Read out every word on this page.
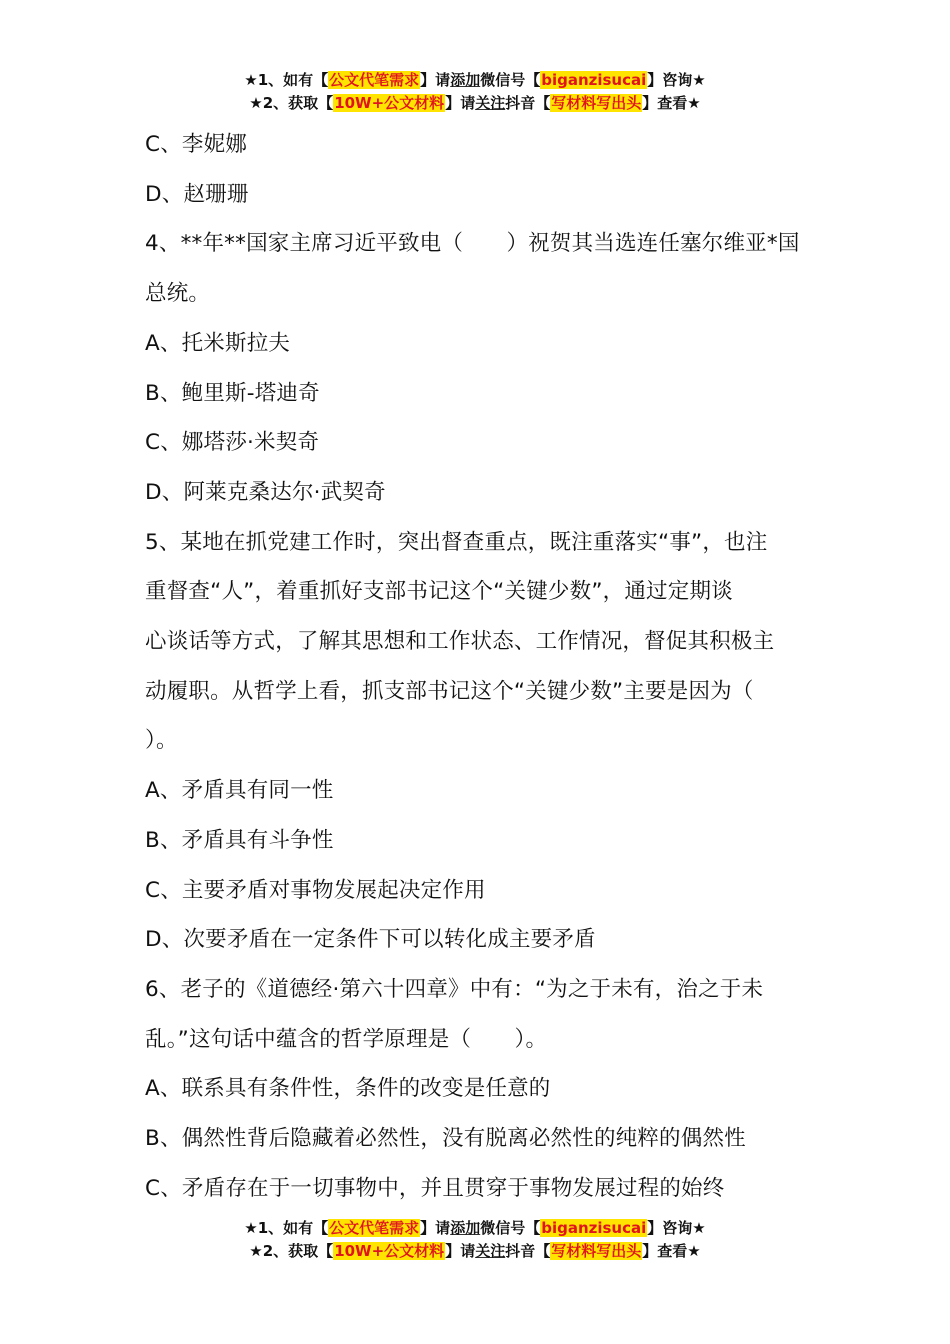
★1、如有【公文代笔需求】请添加微信号【biganzisucai】咨询★
★2、获取【10W+公文材料】请关注抖音【写材料写出头】查看★

C、李妮娜

D、赵珊珊

4、**年**国家主席习近平致电（　　）祝贺其当选连任塞尔维亚*国

总统。

A、托米斯拉夫

B、鲍里斯-塔迪奇

C、娜塔莎·米契奇

D、阿莱克桑达尔·武契奇

5、某地在抓党建工作时，突出督查重点，既注重落实“事”，也注

重督查“人”，着重抓好支部书记这个“关键少数”，通过定期谈

心谈话等方式，了解其思想和工作状态、工作情况，督促其积极主

动履职。从哲学上看，抓支部书记这个“关键少数”主要是因为（

）。

A、矛盾具有同一性

B、矛盾具有斗争性

C、主要矛盾对事物发展起决定作用

D、次要矛盾在一定条件下可以转化成主要矛盾

6、老子的《道德经·第六十四章》中有：“为之于未有，治之于未

乱。”这句话中蕴含的哲学原理是（　　）。

A、联系具有条件性，条件的改变是任意的

B、偶然性背后隐藏着必然性，没有脱离必然性的纯粹的偶然性

C、矛盾存在于一切事物中，并且贯穿于事物发展过程的始终

★1、如有【公文代笔需求】请添加微信号【biganzisucai】咨询★
★2、获取【10W+公文材料】请关注抖音【写材料写出头】查看★
